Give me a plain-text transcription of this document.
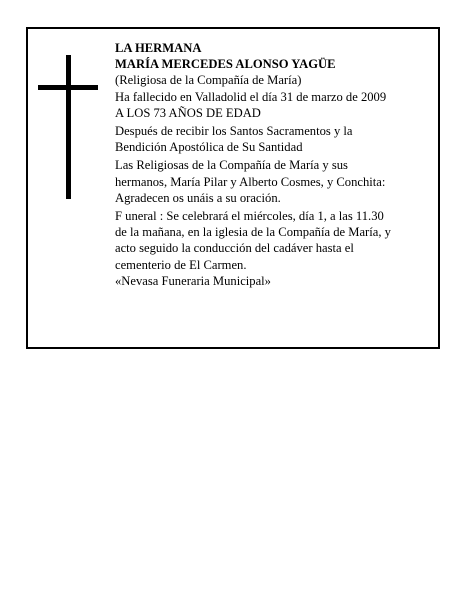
LA HERMANA
MARÍA MERCEDES ALONSO YAGÜE
(Religiosa de la Compañía de María)
Ha fallecido en Valladolid el día 31 de marzo de 2009
A LOS 73 AÑOS DE EDAD
Después de recibir los Santos Sacramentos y la
Bendición Apostólica de Su Santidad
Las Religiosas de la Compañía de María y sus
hermanos, María Pilar y Alberto Cosmes, y Conchita:
Agradecen os unáis a su oración.
F uneral : Se celebrará el miércoles, día 1, a las 11.30
de la mañana, en la iglesia de la Compañía de María, y
acto seguido la conducción del cadáver hasta el
cementerio de El Carmen.
«Nevasa Funeraria Municipal»
